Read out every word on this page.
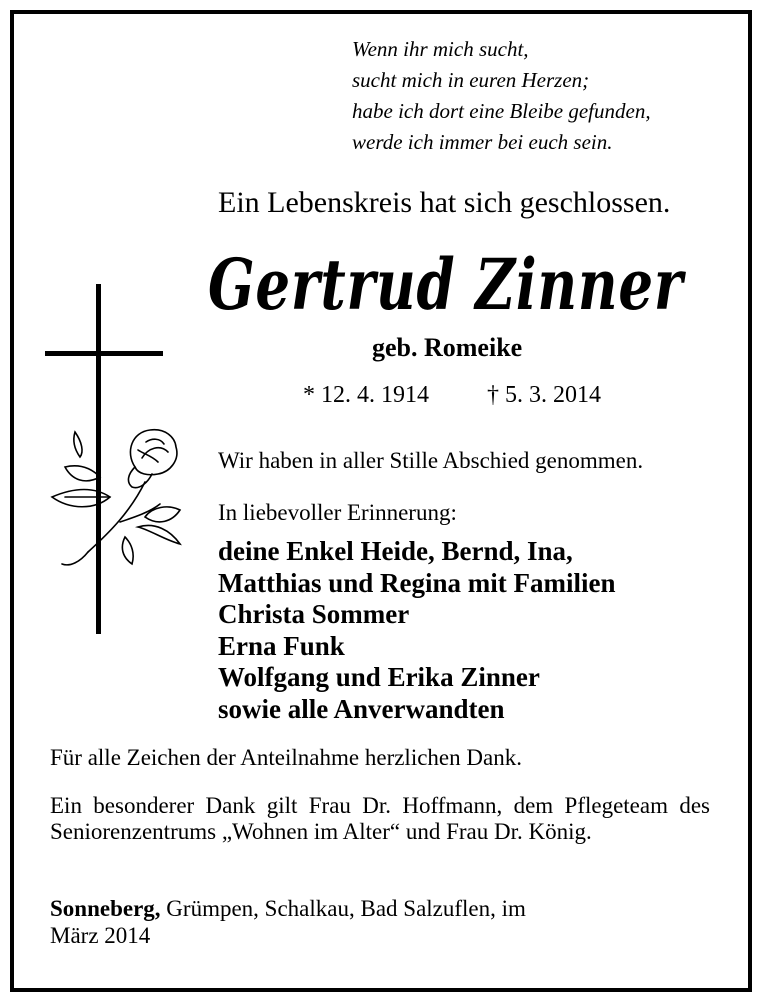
Wenn ihr mich sucht,
sucht mich in euren Herzen;
habe ich dort eine Bleibe gefunden,
werde ich immer bei euch sein.
Ein Lebenskreis hat sich geschlossen.
Gertrud Zinner
geb. Romeike
* 12. 4. 1914 † 5. 3. 2014
Wir haben in aller Stille Abschied genommen.
In liebevoller Erinnerung:
deine Enkel Heide, Bernd, Ina,
Matthias und Regina mit Familien
Christa Sommer
Erna Funk
Wolfgang und Erika Zinner
sowie alle Anverwandten
Für alle Zeichen der Anteilnahme herzlichen Dank.
Ein besonderer Dank gilt Frau Dr. Hoffmann, dem Pflegeteam des Seniorenzentrums „Wohnen im Alter“ und Frau Dr. König.
Sonneberg, Grümpen, Schalkau, Bad Salzuflen, im
März 2014
